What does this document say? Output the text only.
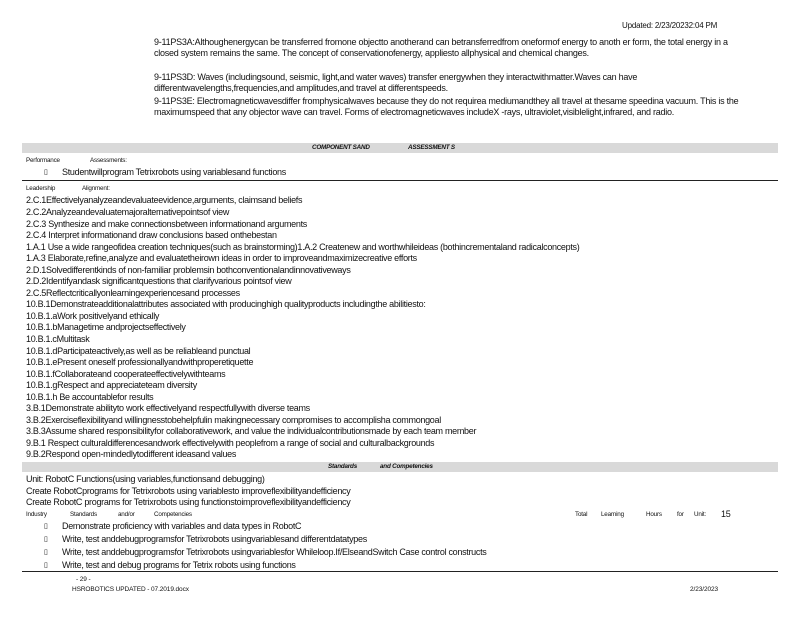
Updated: 2/23/20232:04 PM
9-11PS3A:Althoughenergycan be transferred fromone objectto anotherand can betransferredfrom oneformof energy to anoth er form, the total energy in a closed system remains the same. The concept of conservationofenergy, appliesto allphysical and chemical changes.
9-11PS3D: Waves (includingsound, seismic, light,and water waves) transfer energywhen they interactwithmatter.Waves can have differentwavelengths,frequencies,and amplitudes,and travel at differentspeeds.
9-11PS3E: Electromagneticwavesdiffer fromphysicalwaves because they do not requirea mediumandthey all travel at thesame speedina vacuum. This is the maximumspeed that any objector wave can travel. Forms of electromagneticwaves includeX -rays, ultraviolet,visiblelight,infrared, and radio.
COMPONENT SAND	ASSESSMENT S
Performance	Assessments:
▯ Studentwillprogram Tetrixrobots using variablesand functions
Leadership	Alignment:
2.C.1Effectivelyanalyzeandevaluateevidence,arguments, claimsand beliefs
2.C.2Analyzeandevaluatemajoralternativepointsof view
2.C.3 Synthesize and make connectionsbetween informationand arguments
2.C.4 Interpret informationand draw conclusions based onthebestan
1.A.1 Use a wide rangeofidea creation techniques(such as brainstorming)1.A.2 Createnew and worthwhileideas (bothincrementaland radicalconcepts)
1.A.3 Elaborate,refine,analyze and evaluatetheirown ideas in order to improveandmaximizecreative efforts
2.D.1Solvedifferentkinds of non-familiar problemsin bothconventionalandinnovativeways
2.D.2Identifyandask significantquestions that clarifyvarious pointsof view
2.C.5Reflectcriticallyonlearningexperiencesand processes
10.B.1Demonstrateadditionalattributes associated with producinghigh qualityproducts includingthe abilitiesto:
10.B.1.aWork positivelyand ethically
10.B.1.bManagetime andprojectseffectively
10.B.1.cMultitask
10.B.1.dParticipateactively,as well as be reliableand punctual
10.B.1.ePresent oneself professionallyandwithproperetiquette
10.B.1.fCollaborateand cooperateeffectivelywithteams
10.B.1.gRespect and appreciateteam diversity
10.B.1.h Be accountablefor results
3.B.1Demonstrate abilityto work effectivelyand respectfullywith diverse teams
3.B.2Exerciseflexibilityand willingnesstobehelpfulin makingnecessary compromises to accomplisha commongoal
3.B.3Assume shared responsibilityfor collaborativework, and value the individualcontributionsmade by each team member
9.B.1 Respect culturaldifferencesandwork effectivelywith peoplefrom a range of social and culturalbackgrounds
9.B.2Respond open-mindedlytodifferent ideasand values
Standards	and Competencies
Unit: RobotC Functions(using variables,functionsand debugging)
Create RobotCprograms for Tetrixrobots using variablesto improveflexibilityandefficiency
Create RobotC programs for Tetrixrobots using functionstoimproveflexibilityandefficiency
Industry	Standards	and/or	Competencies	Total Learning	Hours for Unit: 15
▯ Demonstrate proficiency with variables and data types in RobotC
▯ Write, test anddebugprogramsfor Tetrixrobots usingvariablesand differentdatatypes
▯ Write, test anddebugprogramsfor Tetrixrobots usingvariablesfor Whileloop.If/ElseandSwitch Case control constructs
▯ Write, test and debug programs for Tetrix robots using functions
- 29 -
HSROBOTICS UPDATED - 07.2019.docx	2/23/2023
